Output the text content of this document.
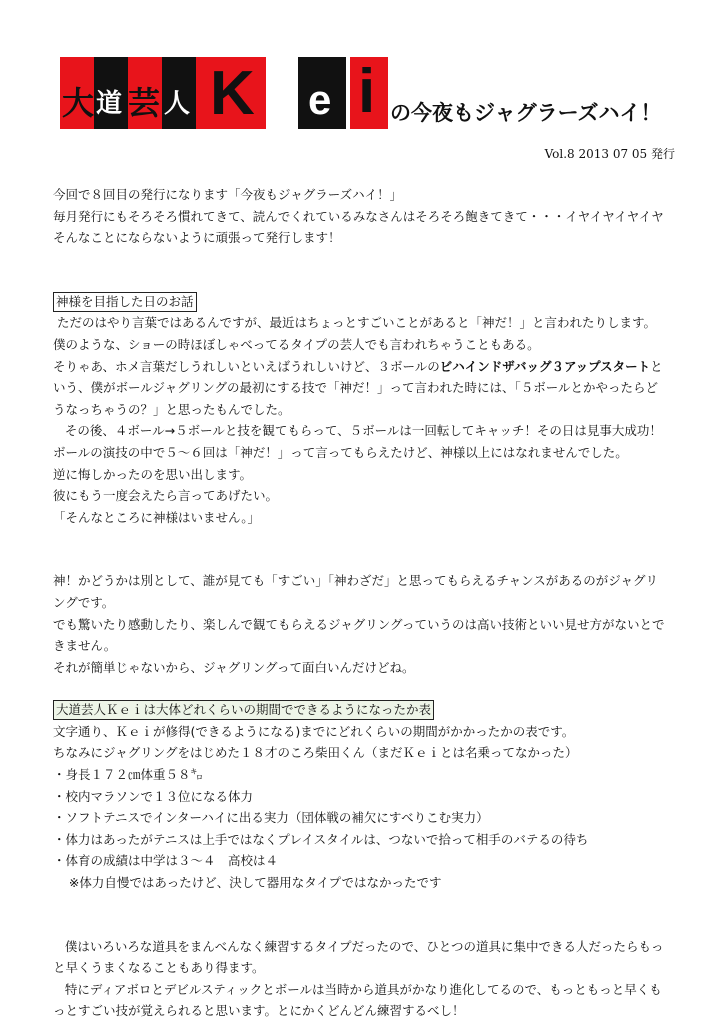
大 道 芸 人 K e i の今夜もジャグラーズハイ！
Vol.8 2013 07 05 発行

今回で８回目の発行になります「今夜もジャグラーズハイ！」

毎月発行にもそろそろ慣れてきて、読んでくれているみなさんはそろそろ飽きてきて・・・イヤイヤイヤイヤ

そんなことにならないように頑張って発行します！

神様を目指した日のお話

ただのはやり言葉ではあるんですが、最近はちょっとすごいことがあると「神だ！」と言われたりします。

僕のような、ショーの時ほぼしゃべってるタイプの芸人でも言われちゃうこともある。

そりゃあ、ホメ言葉だしうれしいといえばうれしいけど、３ボールのビハインドザバッグ３アップスタートと

いう、僕がボールジャグリングの最初にする技で「神だ！」って言われた時には、「５ボールとかやったらど

うなっちゃうの？」と思ったもんでした。

その後、４ボール→５ボールと技を観てもらって、５ボールは一回転してキャッチ！その日は見事大成功！

ボールの演技の中で５～６回は「神だ！」って言ってもらえたけど、神様以上にはなれませんでした。

逆に悔しかったのを思い出します。

彼にもう一度会えたら言ってあげたい。

「そんなところに神様はいません。」

神！かどうかは別として、誰が見ても「すごい」「神わざだ」と思ってもらえるチャンスがあるのがジャグリ

ングです。

でも驚いたり感動したり、楽しんで観てもらえるジャグリングっていうのは高い技術といい見せ方がないとで

きません。

それが簡単じゃないから、ジャグリングって面白いんだけどね。

大道芸人Ｋｅｉは大体どれくらいの期間でできるようになったか表

文字通り、Ｋｅｉが修得(できるようになる)までにどれくらいの期間がかかったかの表です。

ちなみにジャグリングをはじめた１８才のころ柴田くん（まだＫｅｉとは名乗ってなかった）

・身長１７２㎝体重５８㌔

・校内マラソンで１３位になる体力

・ソフトテニスでインターハイに出る実力（団体戦の補欠にすべりこむ実力）

・体力はあったがテニスは上手ではなくプレイスタイルは、つないで拾って相手のバテるの待ち

・体育の成績は中学は３～４　高校は４

※体力自慢ではあったけど、決して器用なタイプではなかったです

僕はいろいろな道具をまんべんなく練習するタイプだったので、ひとつの道具に集中できる人だったらもっ

と早くうまくなることもあり得ます。

特にディアボロとデビルスティックとボールは当時から道具がかなり進化してるので、もっともっと早くも

っとすごい技が覚えられると思います。とにかくどんどん練習するべし！
